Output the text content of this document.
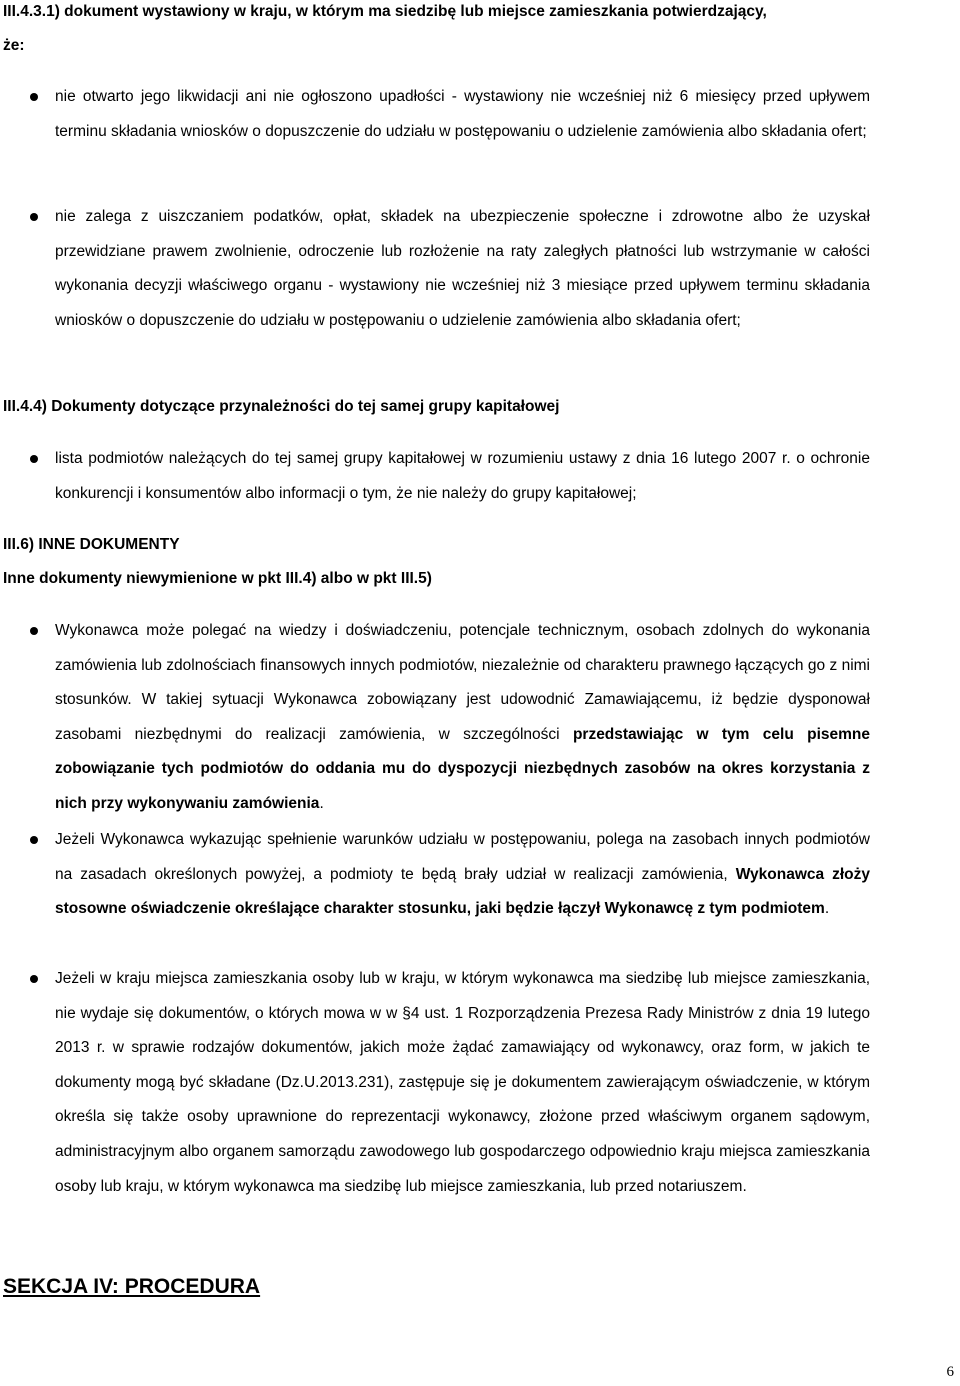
III.4.3.1) dokument wystawiony w kraju, w którym ma siedzibę lub miejsce zamieszkania potwierdzający,
że:
nie otwarto jego likwidacji ani nie ogłoszono upadłości - wystawiony nie wcześniej niż 6 miesięcy przed upływem terminu składania wniosków o dopuszczenie do udziału w postępowaniu o udzielenie zamówienia albo składania ofert;
nie zalega z uiszczaniem podatków, opłat, składek na ubezpieczenie społeczne i zdrowotne albo że uzyskał przewidziane prawem zwolnienie, odroczenie lub rozłożenie na raty zaległych płatności lub wstrzymanie w całości wykonania decyzji właściwego organu - wystawiony nie wcześniej niż 3 miesiące przed upływem terminu składania wniosków o dopuszczenie do udziału w postępowaniu o udzielenie zamówienia albo składania ofert;
III.4.4) Dokumenty dotyczące przynależności do tej samej grupy kapitałowej
lista podmiotów należących do tej samej grupy kapitałowej w rozumieniu ustawy z dnia 16 lutego 2007 r. o ochronie konkurencji i konsumentów albo informacji o tym, że nie należy do grupy kapitałowej;
III.6) INNE DOKUMENTY
Inne dokumenty niewymienione w pkt III.4) albo w pkt III.5)
Wykonawca może polegać na wiedzy i doświadczeniu, potencjale technicznym, osobach zdolnych do wykonania zamówienia lub zdolnościach finansowych innych podmiotów, niezależnie od charakteru prawnego łączących go z nimi stosunków. W takiej sytuacji Wykonawca zobowiązany jest udowodnić Zamawiającemu, iż będzie dysponował zasobami niezbędnymi do realizacji zamówienia, w szczególności przedstawiając w tym celu pisemne zobowiązanie tych podmiotów do oddania mu do dyspozycji niezbędnych zasobów na okres korzystania z nich przy wykonywaniu zamówienia.
Jeżeli Wykonawca wykazując spełnienie warunków udziału w postępowaniu, polega na zasobach innych podmiotów na zasadach określonych powyżej, a podmioty te będą brały udział w realizacji zamówienia, Wykonawca złoży stosowne oświadczenie określające charakter stosunku, jaki będzie łączył Wykonawcę z tym podmiotem.
Jeżeli w kraju miejsca zamieszkania osoby lub w kraju, w którym wykonawca ma siedzibę lub miejsce zamieszkania, nie wydaje się dokumentów, o których mowa w w §4 ust. 1 Rozporządzenia Prezesa Rady Ministrów z dnia 19 lutego 2013 r. w sprawie rodzajów dokumentów, jakich może żądać zamawiający od wykonawcy, oraz form, w jakich te dokumenty mogą być składane (Dz.U.2013.231), zastępuje się je dokumentem zawierającym oświadczenie, w którym określa się także osoby uprawnione do reprezentacji wykonawcy, złożone przed właściwym organem sądowym, administracyjnym albo organem samorządu zawodowego lub gospodarczego odpowiednio kraju miejsca zamieszkania osoby lub kraju, w którym wykonawca ma siedzibę lub miejsce zamieszkania, lub przed notariuszem.
SEKCJA IV: PROCEDURA
6
